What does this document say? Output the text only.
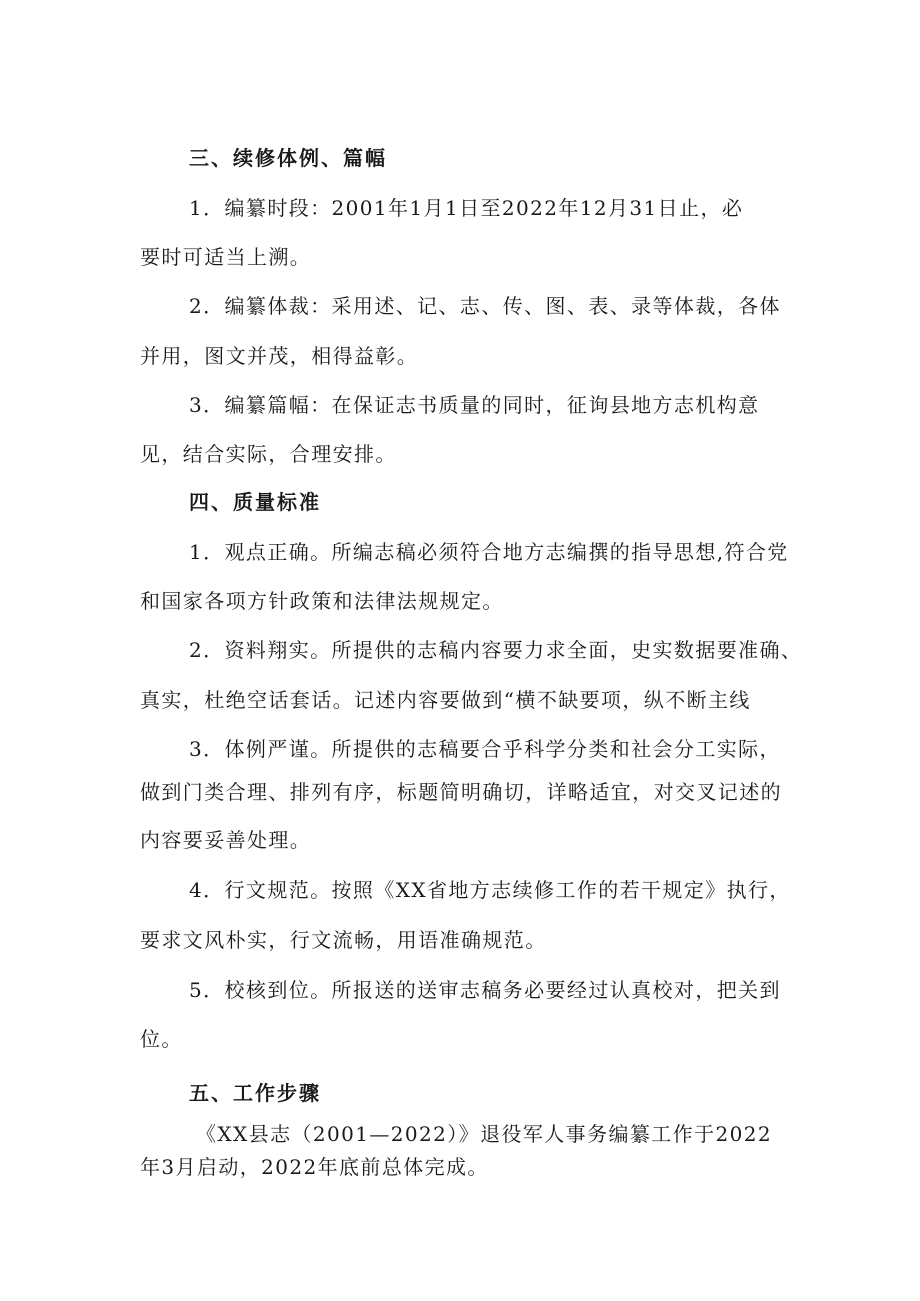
三、续修体例、篇幅
1．编纂时段：2001年1月1日至2022年12月31日止，必
要时可适当上溯。
2．编纂体裁：采用述、记、志、传、图、表、录等体裁，各体
并用，图文并茂，相得益彰。
3．编纂篇幅：在保证志书质量的同时，征询县地方志机构意
见，结合实际，合理安排。
四、质量标准
1．观点正确。所编志稿必须符合地方志编撰的指导思想,符合党
和国家各项方针政策和法律法规规定。
2．资料翔实。所提供的志稿内容要力求全面，史实数据要准确、
真实，杜绝空话套话。记述内容要做到“横不缺要项，纵不断主线
3．体例严谨。所提供的志稿要合乎科学分类和社会分工实际，
做到门类合理、排列有序，标题简明确切，详略适宜，对交叉记述的
内容要妥善处理。
4．行文规范。按照《XX省地方志续修工作的若干规定》执行，
要求文风朴实，行文流畅，用语准确规范。
5．校核到位。所报送的送审志稿务必要经过认真校对，把关到
位。
五、工作步骤
《XX县志（2001—2022）》退役军人事务编纂工作于2022
年3月启动，2022年底前总体完成。
